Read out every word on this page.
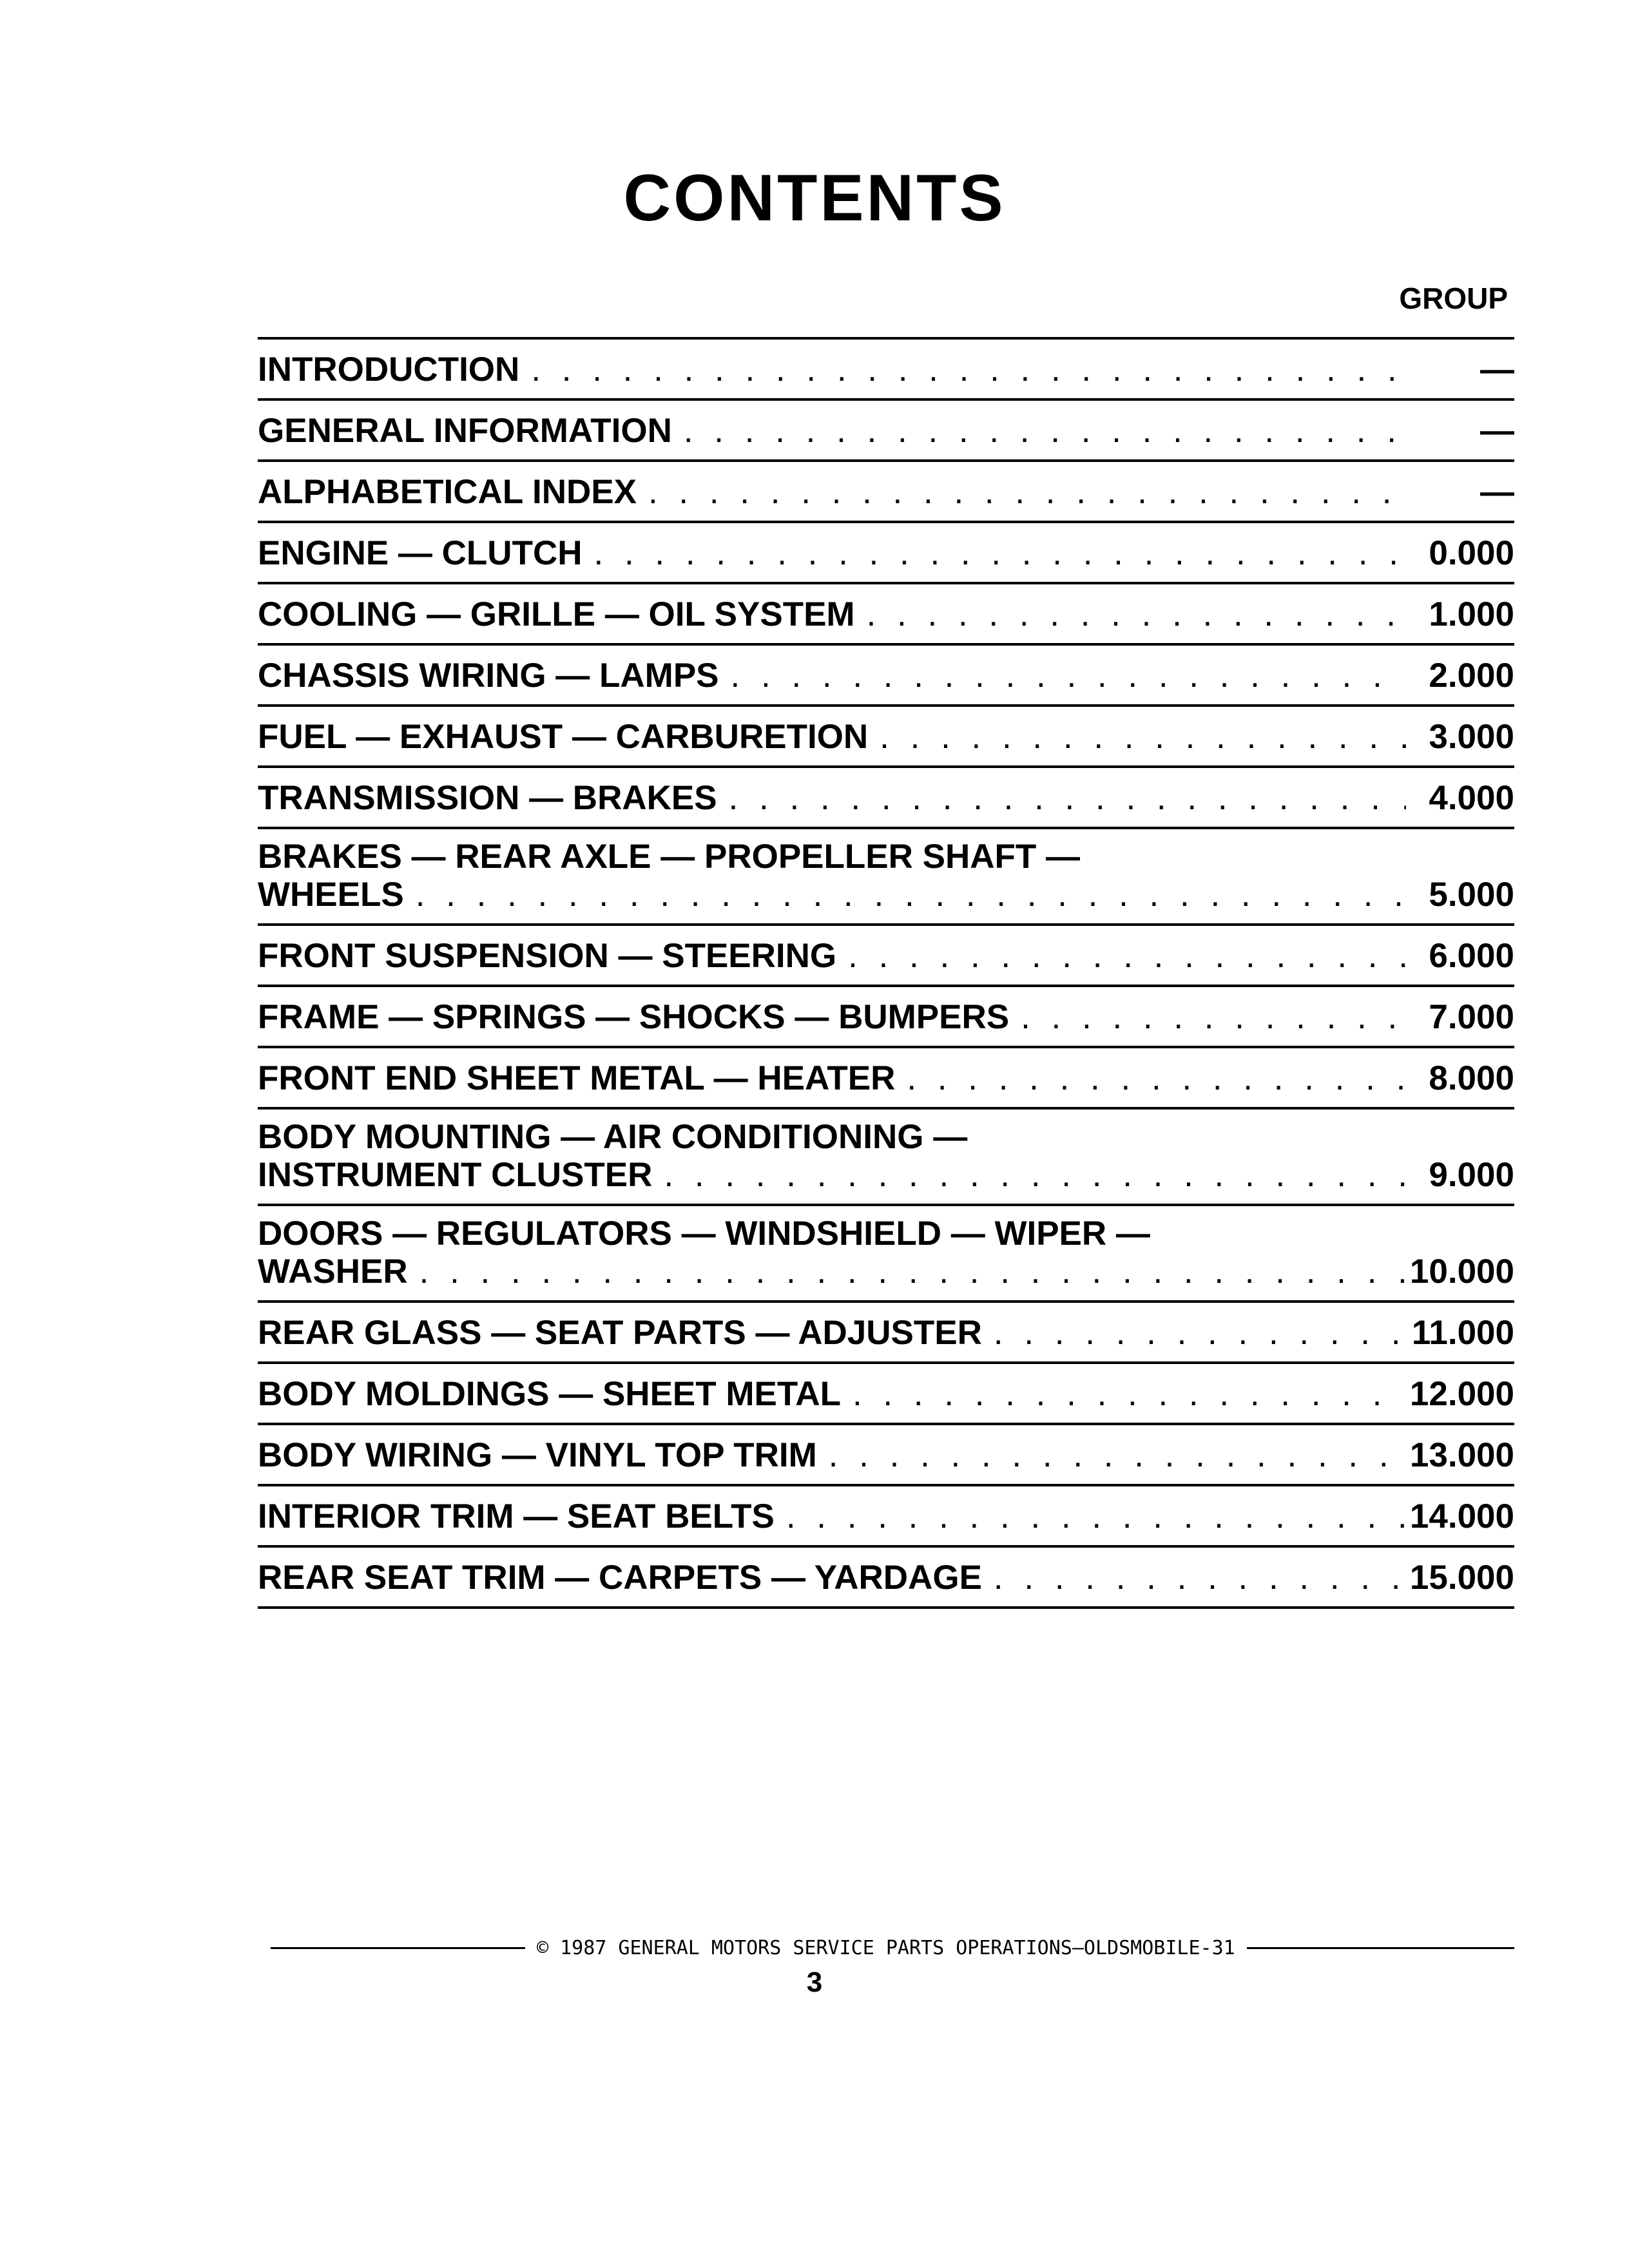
CONTENTS
GROUP
INTRODUCTION . . .	—
GENERAL INFORMATION . . .	—
ALPHABETICAL INDEX . . .	—
ENGINE — CLUTCH . . .	0.000
COOLING — GRILLE — OIL SYSTEM . . .	1.000
CHASSIS WIRING — LAMPS . . .	2.000
FUEL — EXHAUST — CARBURETION . . .	3.000
TRANSMISSION — BRAKES . . .	4.000
BRAKES — REAR AXLE — PROPELLER SHAFT —
WHEELS . . .	5.000
FRONT SUSPENSION — STEERING . . .	6.000
FRAME — SPRINGS — SHOCKS — BUMPERS . . .	7.000
FRONT END SHEET METAL — HEATER . . .	8.000
BODY MOUNTING — AIR CONDITIONING —
INSTRUMENT CLUSTER . . .	9.000
DOORS — REGULATORS — WINDSHIELD — WIPER —
WASHER . . .	10.000
REAR GLASS — SEAT PARTS — ADJUSTER . . .	11.000
BODY MOLDINGS — SHEET METAL . . .	12.000
BODY WIRING — VINYL TOP TRIM . . .	13.000
INTERIOR TRIM — SEAT BELTS . . .	14.000
REAR SEAT TRIM — CARPETS — YARDAGE . . .	15.000
© 1987 GENERAL MOTORS SERVICE PARTS OPERATIONS—OLDSMOBILE-31
3
